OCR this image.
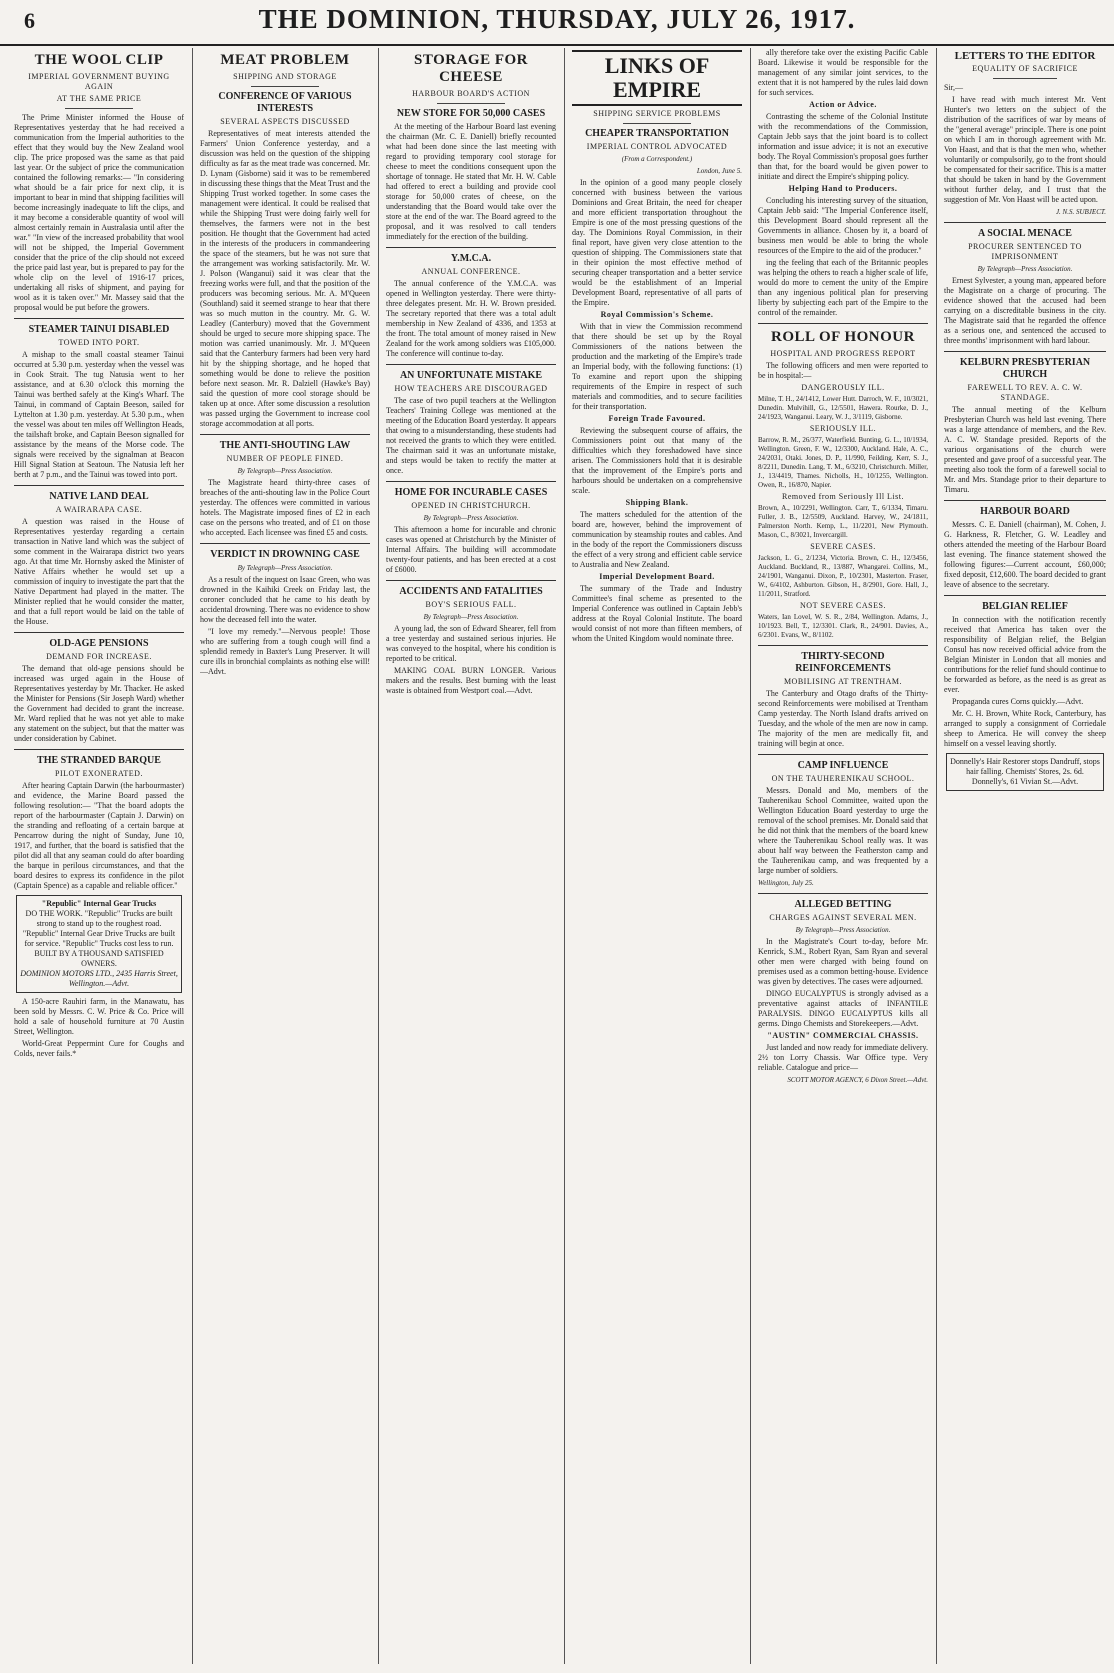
6	THE DOMINION, THURSDAY, JULY 26, 1917.
THE WOOL CLIP
IMPERIAL GOVERNMENT BUYING AGAIN
AT THE SAME PRICE

The Prime Minister informed the House of Representatives yesterday that he had received a communication from the Imperial authorities to the effect that they would buy the New Zealand wool clip. The price proposed was the same as that paid last year. Or the subject of price the communication contained the following remarks:— "In considering what should be a fair price for next clip, it is important to bear in mind that shipping facilities will become increasingly inadequate to lift the clips, and it may become a considerable quantity of wool will almost certainly remain in Australasia until after the war." "In view of the increased probability that wool will not be shipped, the Imperial Government consider that the price of the clip should not exceed the price paid last year, but is prepared to pay for the whole clip on the level of 1916-17 prices, undertaking all risks of shipment, and paying for wool as it is taken over." Mr. Massey said that the proposal would be put before the growers.

STEAMER TAINUI DISABLED
TOWED INTO PORT.

A mishap to the small coastal steamer Tainui occurred at 5.30 p.m. yesterday when the vessel was in Cook Strait. The tug Natusia went to her assistance, and at 6.30 o'clock this morning the Tainui was berthed safely at the King's Wharf. The Tainui, in command of Captain Beeson, sailed for Lyttelton at 1.30 p.m. yesterday. At 5.30 p.m., when the vessel was about ten miles off Wellington Heads, the tailshaft broke, and Captain Beeson signalled for assistance by the means of the Morse code. The signals were received by the signalman at Beacon Hill Signal Station at Seatoun. The Natusia left her berth at 7 p.m., and the Tainui was towed into port.

NATIVE LAND DEAL
A WAIRARAPA CASE.

A question was raised in the House of Representatives yesterday regarding a certain transaction in Native land which was the subject of some comment in the Wairarapa district two years ago. At that time Mr. Hornsby asked the Minister of Native Affairs whether he would set up a commission of inquiry to investigate the part that the Native Department had played in the matter. The Minister replied that he would consider the matter, and that a full report would be laid on the table of the House.

OLD-AGE PENSIONS
DEMAND FOR INCREASE.

The demand that old-age pensions should be increased was urged again in the House of Representatives yesterday by Mr. Thacker. He asked the Minister for Pensions (Sir Joseph Ward) whether the Government had decided to grant the increase. Mr. Ward replied that he was not yet able to make any statement on the subject, but that the matter was under consideration by Cabinet.

THE STRANDED BARQUE
PILOT EXONERATED.

After hearing Captain Darwin (the harbourmaster) and evidence, the Marine Board passed the following resolution:— "That the board adopts the report of the harbourmaster (Captain J. Darwin) on the stranding and refloating of a certain barque at Pencarrow during the night of Sunday, June 10, 1917, and further, that the board is satisfied that the pilot did all that any seaman could do after boarding the barque in perilous circumstances, and that the board desires to express its confidence in the pilot (Captain Spence) as a capable and reliable officer."

"Republic" Internal Gear Trucks
DO THE WORK. "Republic" Trucks are built strong to stand up to the roughest road. "Republic" Internal Gear Drive Trucks are built for service. "Republic" Trucks cost less to run. BUILT BY A THOUSAND SATISFIED OWNERS.
DOMINION MOTORS LTD., 2435 Harris Street, Wellington.—Advt.

A 150-acre Rauhiri farm, in the Manawatu, has been sold by Messrs. C. W. Price & Co. Price will hold a sale of household furniture at 70 Austin Street, Wellington.

World-Great Peppermint Cure for Coughs and Colds, never fails.*

MEAT PROBLEM
SHIPPING AND STORAGE
CONFERENCE OF VARIOUS INTERESTS
SEVERAL ASPECTS DISCUSSED

Representatives of meat interests attended the Farmers' Union Conference yesterday, and a discussion was held on the question of the shipping difficulty as far as the meat trade was concerned. Mr. D. Lynam (Gisborne) said it was to be remembered in discussing these things that the Meat Trust and the Shipping Trust worked together. In some cases the management were identical. It could be realised that while the Shipping Trust were doing fairly well for themselves, the farmers were not in the best position. He thought that the Government had acted in the interests of the producers in commandeering the space of the steamers, but he was not sure that the arrangement was working satisfactorily. Mr. W. J. Polson (Wanganui) said it was clear that the freezing works were full, and that the position of the producers was becoming serious. Mr. A. M'Queen (Southland) said it seemed strange to hear that there was so much mutton in the country. Mr. G. W. Leadley (Canterbury) moved that the Government should be urged to secure more shipping space. The motion was carried unanimously. Mr. J. M'Queen said that the Canterbury farmers had been very hard hit by the shipping shortage, and he hoped that something would be done to relieve the position before next season. Mr. R. Dalziell (Hawke's Bay) said the question of more cool storage should be taken up at once. After some discussion a resolution was passed urging the Government to increase cool storage accommodation at all ports.

THE ANTI-SHOUTING LAW
NUMBER OF PEOPLE FINED.
By Telegraph—Press Association.

The Magistrate heard thirty-three cases of breaches of the anti-shouting law in the Police Court yesterday. The offences were committed in various hotels. The Magistrate imposed fines of £2 in each case on the persons who treated, and of £1 on those who accepted. Each licensee was fined £5 and costs.

VERDICT IN DROWNING CASE
By Telegraph—Press Association.

As a result of the inquest on Isaac Green, who was drowned in the Kaihiki Creek on Friday last, the coroner concluded that he came to his death by accidental drowning. There was no evidence to show how the deceased fell into the water.

"I love my remedy."—Nervous people! Those who are suffering from a tough cough will find a splendid remedy in Baxter's Lung Preserver. It will cure ills in bronchial complaints as nothing else will!—Advt.

STORAGE FOR CHEESE
HARBOUR BOARD'S ACTION
NEW STORE FOR 50,000 CASES

At the meeting of the Harbour Board last evening the chairman (Mr. C. E. Daniell) briefly recounted what had been done since the last meeting with regard to providing temporary cool storage for cheese to meet the conditions consequent upon the shortage of tonnage. He stated that Mr. H. W. Cable had offered to erect a building and provide cool storage for 50,000 crates of cheese, on the understanding that the Board would take over the store at the end of the war. The Board agreed to the proposal, and it was resolved to call tenders immediately for the erection of the building.

Y.M.C.A.
ANNUAL CONFERENCE.

The annual conference of the Y.M.C.A. was opened in Wellington yesterday. There were thirty-three delegates present. Mr. H. W. Brown presided. The secretary reported that there was a total adult membership in New Zealand of 4336, and 1353 at the front. The total amount of money raised in New Zealand for the work among soldiers was £105,000. The conference will continue to-day.

AN UNFORTUNATE MISTAKE
HOW TEACHERS ARE DISCOURAGED

The case of two pupil teachers at the Wellington Teachers' Training College was mentioned at the meeting of the Education Board yesterday. It appears that owing to a misunderstanding, these students had not received the grants to which they were entitled. The chairman said it was an unfortunate mistake, and steps would be taken to rectify the matter at once.

HOME FOR INCURABLE CASES
OPENED IN CHRISTCHURCH.
By Telegraph—Press Association.

This afternoon a home for incurable and chronic cases was opened at Christchurch by the Minister of Internal Affairs. The building will accommodate twenty-four patients, and has been erected at a cost of £6000.

ACCIDENTS AND FATALITIES
BOY'S SERIOUS FALL.
By Telegraph—Press Association.

A young lad, the son of Edward Shearer, fell from a tree yesterday and sustained serious injuries. He was conveyed to the hospital, where his condition is reported to be critical.

MAKING COAL BURN LONGER. Various makers and the results. Best burning with the least waste is obtained from Westport coal.—Advt.

LINKS OF EMPIRE
SHIPPING SERVICE PROBLEMS
CHEAPER TRANSPORTATION
IMPERIAL CONTROL ADVOCATED
(From a Correspondent.)
London, June 5.

In the opinion of a good many people closely concerned with business between the various Dominions and Great Britain, the need for cheaper and more efficient transportation throughout the Empire is one of the most pressing questions of the day. The Dominions Royal Commission, in their final report, have given very close attention to the question of shipping. The Commissioners state that in their opinion the most effective method of securing cheaper transportation and a better service would be the establishment of an Imperial Development Board, representative of all parts of the Empire.

Royal Commission's Scheme.

With that in view the Commission recommend that there should be set up by the Royal Commissioners of the nations between the production and the marketing of the Empire's trade an Imperial body, with the following functions: (1) To examine and report upon the shipping requirements of the Empire in respect of such materials and commodities, and to secure facilities for their transportation.

Foreign Trade Favoured.

Reviewing the subsequent course of affairs, the Commissioners point out that many of the difficulties which they foreshadowed have since arisen. The Commissioners hold that it is desirable that the improvement of the Empire's ports and harbours should be undertaken on a comprehensive scale.

Shipping Blank.

The matters scheduled for the attention of the board are, however, behind the improvement of communication by steamship routes and cables. And in the body of the report the Commissioners discuss the effect of a very strong and efficient cable service to Australia and New Zealand.

Imperial Development Board.

The summary of the Trade and Industry Committee's final scheme as presented to the Imperial Conference was outlined in Captain Jebb's address at the Royal Colonial Institute. The board would consist of not more than fifteen members, of whom the United Kingdom would nominate three.

ally therefore take over the existing Pacific Cable Board. Likewise it would be responsible for the management of any similar joint services, to the extent that it is not hampered by the rules laid down for such services.

Action or Advice.

Contrasting the scheme of the Colonial Institute with the recommendations of the Commission, Captain Jebb says that the joint board is to collect information and issue advice; it is not an executive body. The Royal Commission's proposal goes further than that, for the board would be given power to initiate and direct the Empire's shipping policy.

Helping Hand to Producers.

Concluding his interesting survey of the situation, Captain Jebb said: "The Imperial Conference itself, this Development Board should represent all the Governments in alliance. Chosen by it, a board of business men would be able to bring the whole resources of the Empire to the aid of the producer."

ing the feeling that each of the Britannic peoples was helping the others to reach a higher scale of life, would do more to cement the unity of the Empire than any ingenious political plan for preserving liberty by subjecting each part of the Empire to the control of the remainder.

ROLL OF HONOUR
HOSPITAL AND PROGRESS REPORT

The following officers and men were reported to be in hospital:—

DANGEROUSLY ILL.

Milne, T. H., 24/1412, Lower Hutt. Darroch, W. F., 10/3021, Dunedin. Mulvihill, G., 12/5501, Hawera. Rourke, D. J., 24/1923, Wanganui. Leary, W. J., 3/1119, Gisborne.

SERIOUSLY ILL.

Barrow, R. M., 26/377, Waterfield. Bunting, G. L., 10/1934, Wellington. Green, F. W., 12/3300, Auckland. Hale, A. C., 24/2031, Otaki. Jones, D. P., 11/990, Feilding. Kerr, S. J., 8/2211, Dunedin. Lang, T. M., 6/3210, Christchurch. Miller, J., 13/4419, Thames. Nicholls, H., 10/1255, Wellington. Owen, R., 16/870, Napier.

Removed from Seriously Ill List.

Brown, A., 10/2291, Wellington. Carr, T., 6/1334, Timaru. Fuller, J. B., 12/5509, Auckland. Harvey, W., 24/1811, Palmerston North. Kemp, L., 11/2201, New Plymouth. Mason, C., 8/3021, Invercargill.

SEVERE CASES.

Jackson, L. G., 2/1234, Victoria. Brown, C. H., 12/3456, Auckland. Buckland, R., 13/887, Whangarei. Collins, M., 24/1901, Wanganui. Dixon, P., 10/2301, Masterton. Fraser, W., 6/4102, Ashburton. Gibson, H., 8/2901, Gore. Hall, J., 11/2011, Stratford.

NOT SEVERE CASES.

Waters, Ian Lovel, W. S. R., 2/84, Wellington. Adams, J., 10/1923. Bell, T., 12/3301. Clark, R., 24/901. Davies, A., 6/2301. Evans, W., 8/1102.

THIRTY-SECOND REINFORCEMENTS
MOBILISING AT TRENTHAM.

The Canterbury and Otago drafts of the Thirty-second Reinforcements were mobilised at Trentham Camp yesterday. The North Island drafts arrived on Tuesday, and the whole of the men are now in camp. The majority of the men are medically fit, and training will begin at once.

CAMP INFLUENCE
ON THE TAUHERENIKAU SCHOOL.

Messrs. Donald and Mo, members of the Tauherenikau School Committee, waited upon the Wellington Education Board yesterday to urge the removal of the school premises. Mr. Donald said that he did not think that the members of the board knew where the Tauherenikau School really was. It was about half way between the Featherston camp and the Tauherenikau camp, and was frequented by a large number of soldiers.

Wellington, July 25.
ALLEGED BETTING
CHARGES AGAINST SEVERAL MEN.
By Telegraph—Press Association.

In the Magistrate's Court to-day, before Mr. Kenrick, S.M., Robert Ryan, Sam Ryan and several other men were charged with being found on premises used as a common betting-house. Evidence was given by detectives. The cases were adjourned.

DINGO EUCALYPTUS is strongly advised as a preventative against attacks of INFANTILE PARALYSIS. DINGO EUCALYPTUS kills all germs. Dingo Chemists and Storekeepers.—Advt.

"AUSTIN" COMMERCIAL CHASSIS.

Just landed and now ready for immediate delivery. 2½ ton Lorry Chassis. War Office type. Very reliable. Catalogue and price—

SCOTT MOTOR AGENCY, 6 Dixon Street.—Advt.
LETTERS TO THE EDITOR
EQUALITY OF SACRIFICE

Sir,—

I have read with much interest Mr. Vent Hunter's two letters on the subject of the distribution of the sacrifices of war by means of the "general average" principle. There is one point on which I am in thorough agreement with Mr. Von Haast, and that is that the men who, whether voluntarily or compulsorily, go to the front should be compensated for their sacrifice. This is a matter that should be taken in hand by the Government without further delay, and I trust that the suggestion of Mr. Von Haast will be acted upon.

J. N.S. SUBJECT.
A SOCIAL MENACE
PROCURER SENTENCED TO IMPRISONMENT
By Telegraph—Press Association.

Ernest Sylvester, a young man, appeared before the Magistrate on a charge of procuring. The evidence showed that the accused had been carrying on a discreditable business in the city. The Magistrate said that he regarded the offence as a serious one, and sentenced the accused to three months' imprisonment with hard labour.

KELBURN PRESBYTERIAN CHURCH
FAREWELL TO REV. A. C. W. STANDAGE.

The annual meeting of the Kelburn Presbyterian Church was held last evening. There was a large attendance of members, and the Rev. A. C. W. Standage presided. Reports of the various organisations of the church were presented and gave proof of a successful year. The meeting also took the form of a farewell social to Mr. and Mrs. Standage prior to their departure to Timaru.

HARBOUR BOARD

Messrs. C. E. Daniell (chairman), M. Cohen, J. G. Harkness, R. Fletcher, G. W. Leadley and others attended the meeting of the Harbour Board last evening. The finance statement showed the following figures:—Current account, £60,000; fixed deposit, £12,600. The board decided to grant leave of absence to the secretary.

BELGIAN RELIEF

In connection with the notification recently received that America has taken over the responsibility of Belgian relief, the Belgian Consul has now received official advice from the Belgian Minister in London that all monies and contributions for the relief fund should continue to be forwarded as before, as the need is as great as ever.

Propaganda cures Corns quickly.—Advt.

Mr. C. H. Brown, White Rock, Canterbury, has arranged to supply a consignment of Corriedale sheep to America. He will convey the sheep himself on a vessel leaving shortly.

Donnelly's Hair Restorer stops Dandruff, stops hair falling. Chemists' Stores, 2s. 6d. Donnelly's, 61 Vivian St.—Advt.
